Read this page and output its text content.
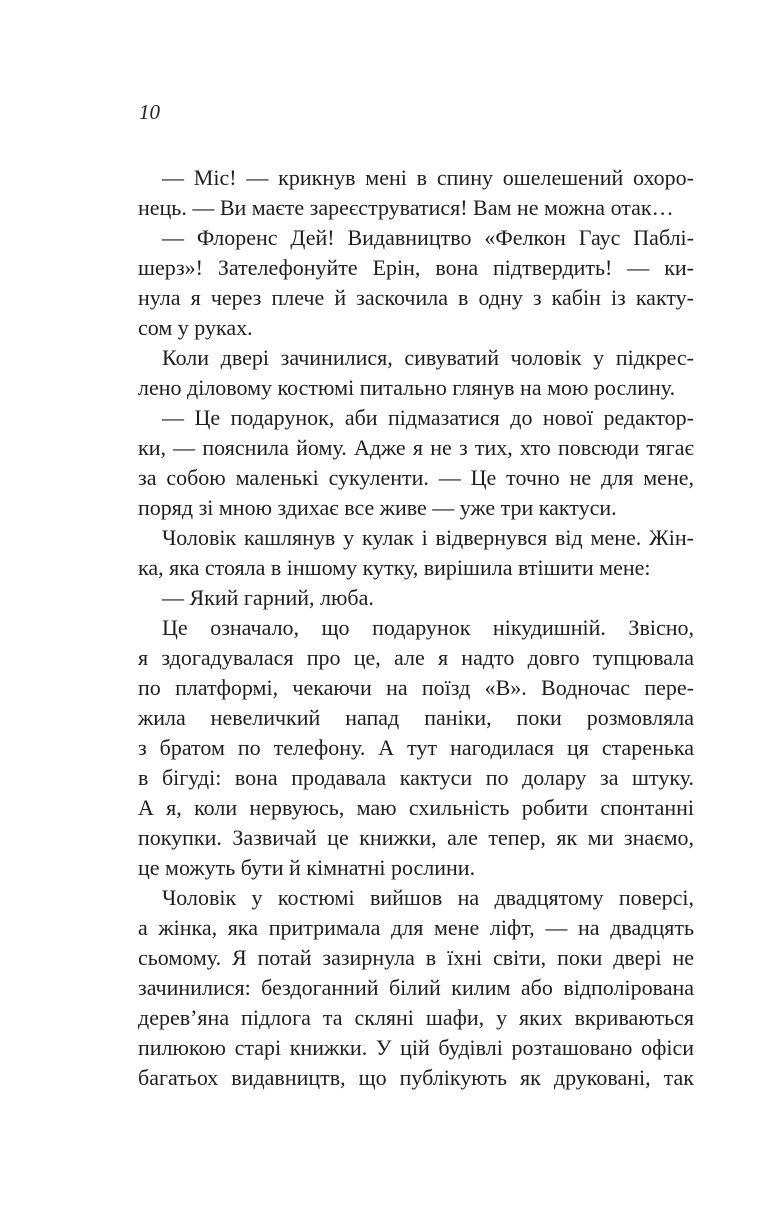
10
— Міс! — крикнув мені в спину ошелешений охоро-
нець. — Ви маєте зареєструватися! Вам не можна отак…
— Флоренс Дей! Видавництво «Фелкон Гаус Паблі-
шерз»! Зателефонуйте Ерін, вона підтвердить! — ки-
нула я через плече й заскочила в одну з кабін із какту-
сом у руках.
Коли двері зачинилися, сивуватий чоловік у підкрес-
лено діловому костюмі питально глянув на мою рослину.
— Це подарунок, аби підмазатися до нової редактор-
ки, — пояснила йому. Адже я не з тих, хто повсюди тягає
за собою маленькі сукуленти. — Це точно не для мене,
поряд зі мною здихає все живе — уже три кактуси.
Чоловік кашлянув у кулак і відвернувся від мене. Жін-
ка, яка стояла в іншому кутку, вирішила втішити мене:
— Який гарний, люба.
Це означало, що подарунок нікудишній. Звісно,
я здогадувалася про це, але я надто довго тупцювала
по платформі, чекаючи на поїзд «В». Водночас пере-
жила невеличкий напад паніки, поки розмовляла
з братом по телефону. А тут нагодилася ця старенька
в бігуді: вона продавала кактуси по долару за штуку.
А я, коли нервуюсь, маю схильність робити спонтанні
покупки. Зазвичай це книжки, але тепер, як ми знаємо,
це можуть бути й кімнатні рослини.
Чоловік у костюмі вийшов на двадцятому поверсі,
а жінка, яка притримала для мене ліфт, — на двадцять
сьомому. Я потай зазирнула в їхні світи, поки двері не
зачинилися: бездоганний білий килим або відполірована
дерев’яна підлога та скляні шафи, у яких вкриваються
пилюкою старі книжки. У цій будівлі розташовано офіси
багатьох видавництв, що публікують як друковані, так
